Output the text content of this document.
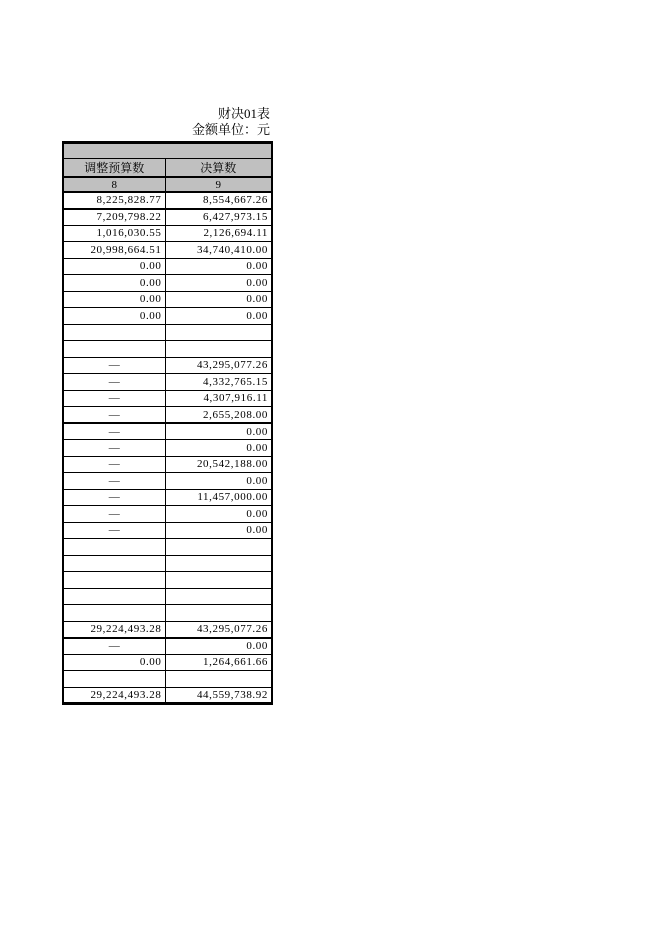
财决01表
金额单位：元

调整预算数	决算数
8	9
8,225,828.77	8,554,667.26
7,209,798.22	6,427,973.15
1,016,030.55	2,126,694.11
20,998,664.51	34,740,410.00
0.00	0.00
0.00	0.00
0.00	0.00
0.00	0.00

—	43,295,077.26
—	4,332,765.15
—	4,307,916.11
—	2,655,208.00
—	0.00
—	0.00
—	20,542,188.00
—	0.00
—	11,457,000.00
—	0.00
—	0.00

29,224,493.28	43,295,077.26
—	0.00
0.00	1,264,661.66

29,224,493.28	44,559,738.92
